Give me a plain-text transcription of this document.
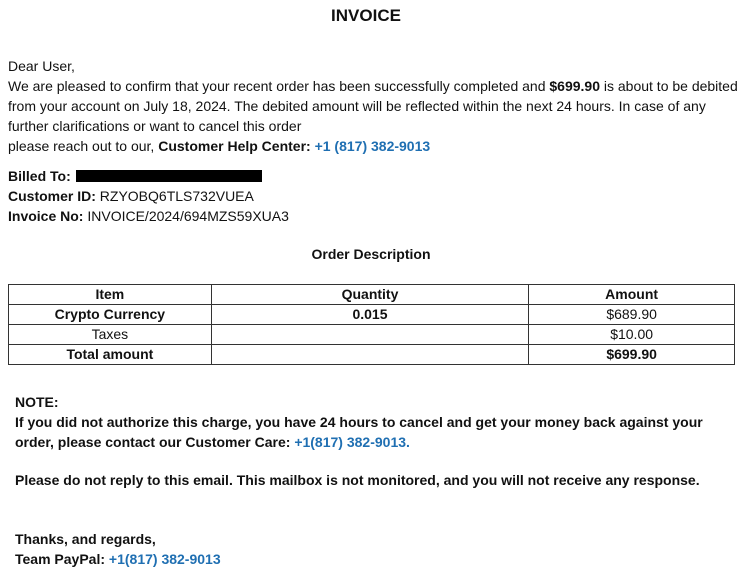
INVOICE

Dear User,

We are pleased to confirm that your recent order has been successfully completed and $699.90 is about to be debited from your account on July 18, 2024. The debited amount will be reflected within the next 24 hours. In case of any further clarifications or want to cancel this order

please reach out to our, Customer Help Center: +1 (817) 382-9013

Billed To:
Customer ID: RZYOBQ6TLS732VUEA
Invoice No: INVOICE/2024/694MZS59XUA3
Order Description
Item	Quantity	Amount
Crypto Currency	0.015	$689.90
Taxes		$10.00
Total amount		$699.90

NOTE:

If you did not authorize this charge, you have 24 hours to cancel and get your money back against your order, please contact our Customer Care: +1(817) 382-9013.

Please do not reply to this email. This mailbox is not monitored, and you will not receive any response.
Thanks, and regards,
Team PayPal: +1(817) 382-9013
